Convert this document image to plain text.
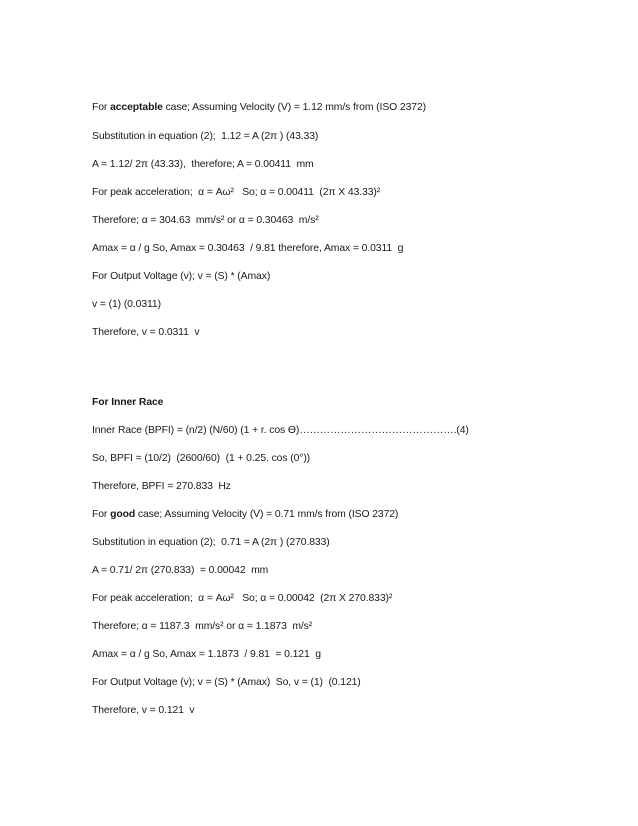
For acceptable case; Assuming Velocity (V) = 1.12 mm/s from (ISO 2372)

Substitution in equation (2);  1.12 = A (2π ) (43.33)

A = 1.12/ 2π (43.33),  therefore; A = 0.00411  mm

For peak acceleration;  α = Aω²   So; α = 0.00411  (2π X 43.33)²

Therefore; α = 304.63  mm/s² or α = 0.30463  m/s²

Amax = α / g So, Amax = 0.30463  / 9.81 therefore, Amax = 0.0311  g

For Output Voltage (v); v = (S) * (Amax)

v = (1) (0.0311)

Therefore, v = 0.0311  v

For Inner Race

Inner Race (BPFI) = (n/2) (N/60) (1 + r. cos ϴ)……………………………………….(4)

So, BPFI = (10/2)  (2600/60)  (1 + 0.25. cos (0°))

Therefore, BPFI = 270.833  Hz

For good case; Assuming Velocity (V) = 0.71 mm/s from (ISO 2372)

Substitution in equation (2);  0.71 = A (2π ) (270.833)

A = 0.71/ 2π (270.833)  = 0.00042  mm

For peak acceleration;  α = Aω²   So; α = 0.00042  (2π X 270.833)²

Therefore; α = 1187.3  mm/s² or α = 1.1873  m/s²

Amax = α / g So, Amax = 1.1873  / 9.81  = 0.121  g

For Output Voltage (v); v = (S) * (Amax)  So, v = (1)  (0.121)

Therefore, v = 0.121  v
